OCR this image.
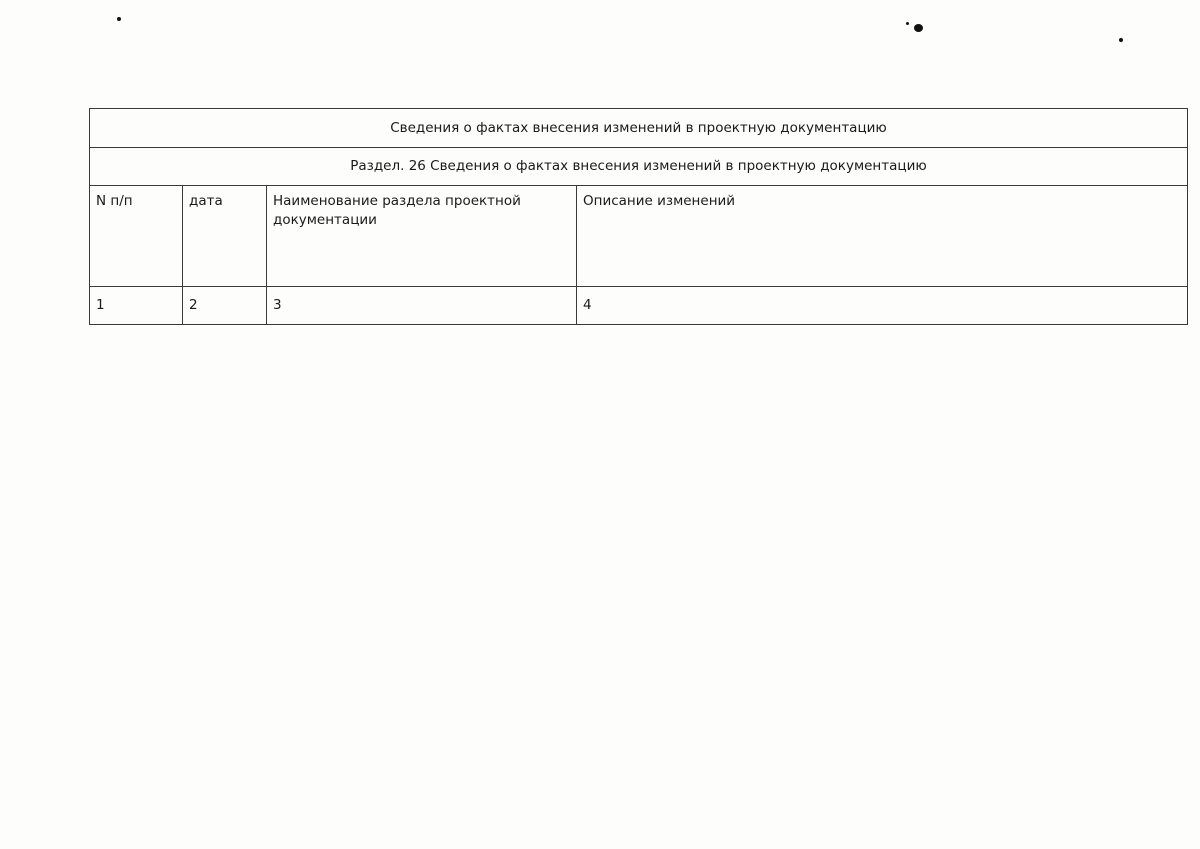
Сведения о фактах внесения изменений в проектную документацию			
Раздел. 26 Сведения о фактах внесения изменений в проектную документацию			
N п/п	дата	Наименование раздела проектной документации	Описание изменений
1	2	3	4
